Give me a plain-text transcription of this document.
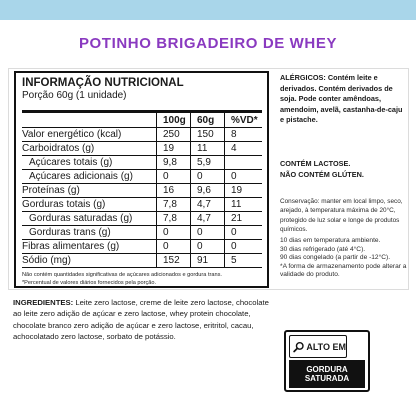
POTINHO BRIGADEIRO DE WHEY
INFORMAÇÃO NUTRICIONAL
Porção 60g (1 unidade)
100g	60g	%VD*
Valor energético (kcal)	250	150	8
Carboidratos (g)	19	11	4
Açúcares totais (g)	9,8	5,9
Açúcares adicionais (g)	0	0	0
Proteínas (g)	16	9,6	19
Gorduras totais (g)	7,8	4,7	11
Gorduras saturadas (g)	7,8	4,7	21
Gorduras trans (g)	0	0	0
Fibras alimentares (g)	0	0	0
Sódio (mg)	152	91	5
Não contém quantidades significativas de açúcares adicionados e gordura trans.
*Percentual de valores diários fornecidos pela porção.
ALÉRGICOS: Contém leite e derivados. Contém derivados de soja. Pode conter amêndoas, amendoim, avelã, castanha-de-caju e pistache.
CONTÉM LACTOSE.
NÃO CONTÉM GLÚTEN.
Conservação: manter em local limpo, seco, arejado, à temperatura máxima de 20°C, protegido de luz solar e longe de produtos químicos.
10 dias em temperatura ambiente.
30 dias refrigerado (até 4°C).
90 dias congelado (a partir de -12°C).
*A forma de armazenamento pode alterar a validade do produto.
INGREDIENTES: Leite zero lactose, creme de leite zero lactose, chocolate ao leite zero adição de açúcar e zero lactose, whey protein chocolate, chocolate branco zero adição de açúcar e zero lactose, eritritol, cacau, achocolatado zero lactose, sorbato de potássio.
ALTO EM
GORDURA
SATURADA
